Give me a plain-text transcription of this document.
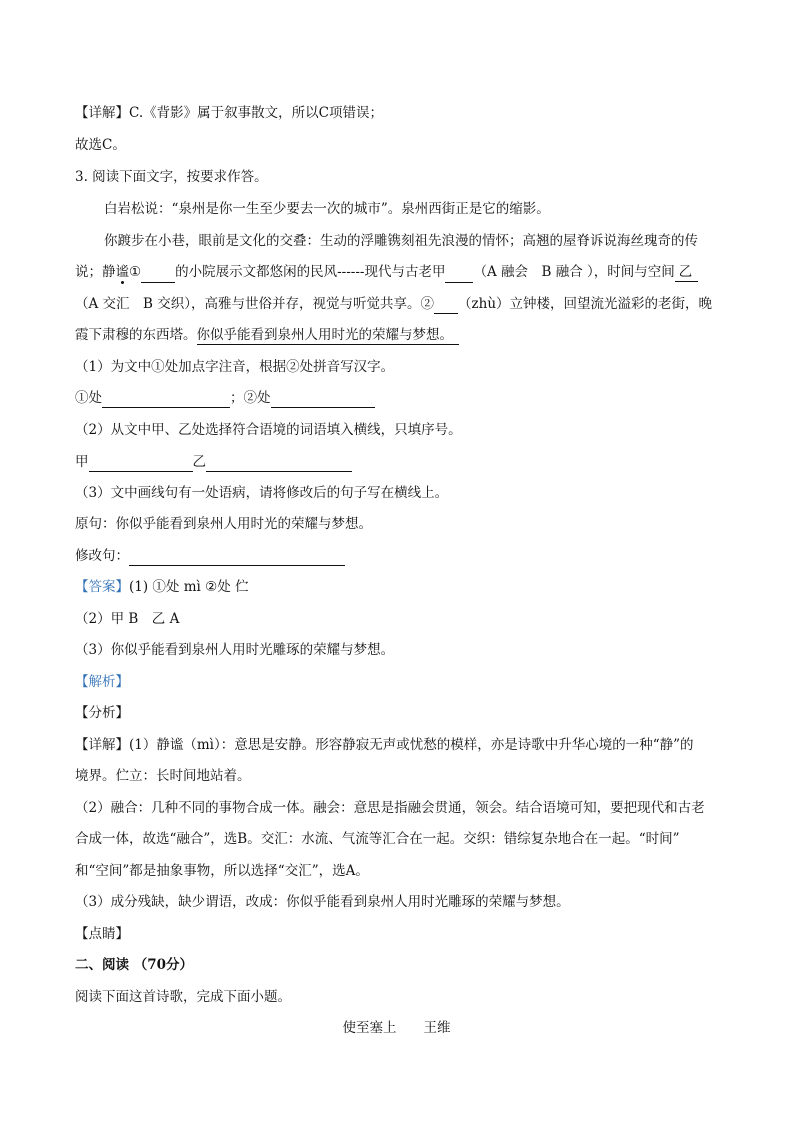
【详解】C.《背影》属于叙事散文，所以C项错误；
故选C。
3. 阅读下面文字，按要求作答。
白岩松说：“泉州是你一生至少要去一次的城市”。泉州西街正是它的缩影。
你踱步在小巷，眼前是文化的交叠：生动的浮雕镌刻祖先浪漫的情怀；高翘的屋脊诉说海丝瑰奇的传
说；静谧①	的小院展示文都悠闲的民风------现代与古老甲 （A 融会　B 融合 ），时间与空间 乙
（A 交汇　B 交织），高雅与世俗并存，视觉与听觉共享。② （zhù）立钟楼，回望流光溢彩的老街，晚
霞下肃穆的东西塔。你似乎能看到泉州人用时光的荣耀与梦想。
（1）为文中①处加点字注音，根据②处拼音写汉字。
①处	；②处
（2）从文中甲、乙处选择符合语境的词语填入横线，只填序号。
甲	乙
（3）文中画线句有一处语病，请将修改后的句子写在横线上。
原句：你似乎能看到泉州人用时光的荣耀与梦想。
修改句：
【答案】(1) ①处 mì ②处 伫
（2）甲 B　乙 A
（3）你似乎能看到泉州人用时光雕琢的荣耀与梦想。
【解析】
【分析】
【详解】(1）静谧（mì）：意思是安静。形容静寂无声或忧愁的模样，亦是诗歌中升华心境的一种“静”的
境界。伫立：长时间地站着。
（2）融合：几种不同的事物合成一体。融会：意思是指融会贯通，领会。结合语境可知，要把现代和古老
合成一体，故选“融合”，选B。交汇：水流、气流等汇合在一起。交织：错综复杂地合在一起。“时间”
和“空间”都是抽象事物，所以选择“交汇”，选A。
（3）成分残缺，缺少谓语，改成：你似乎能看到泉州人用时光雕琢的荣耀与梦想。
【点睛】
二、阅读 （70分）
阅读下面这首诗歌，完成下面小题。
使至塞上　　王维
